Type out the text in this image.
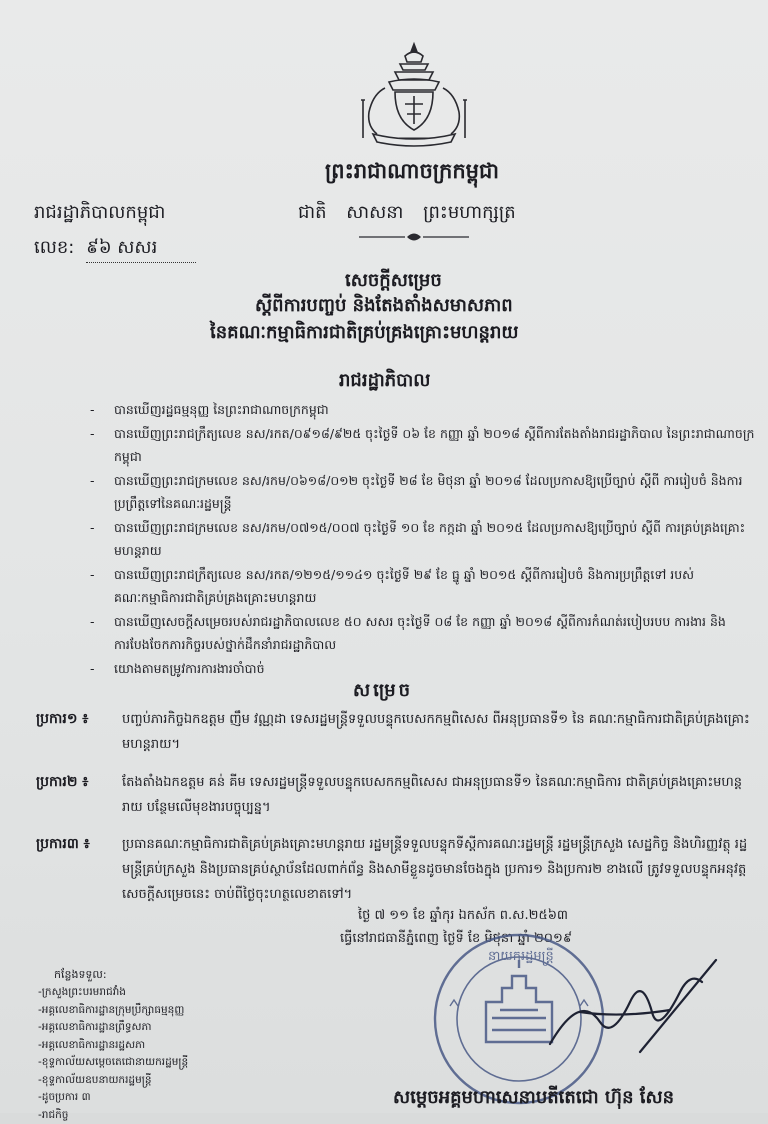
ព្រះរាជាណាចក្រកម្ពុជា
រាជរដ្ឋាភិបាលកម្ពុជា	ជាតិ សាសនា ព្រះមហាក្សត្រ
លេខ: ៩៦ សសរ
សេចក្ដីសម្រេច
ស្ដីពីការបញ្ចប់ និងតែងតាំងសមាសភាព
នៃគណៈកម្មាធិការជាតិគ្រប់គ្រងគ្រោះមហន្តរាយ
រាជរដ្ឋាភិបាល
- បានឃើញរដ្ឋធម្មនុញ្ញ នៃព្រះរាជាណាចក្រកម្ពុជា
- បានឃើញព្រះរាជក្រឹត្យលេខ នស/រកត/០៩១៨/៩២៥ ចុះថ្ងៃទី ០៦ ខែ កញ្ញា ឆ្នាំ ២០១៨ ស្ដីពីការតែងតាំងរាជរដ្ឋាភិបាល នៃព្រះរាជាណាចក្រកម្ពុជា
- បានឃើញព្រះរាជក្រមលេខ នស/រកម/០៦១៨/០១២ ចុះថ្ងៃទី ២៨ ខែ មិថុនា ឆ្នាំ ២០១៨ ដែលប្រកាសឱ្យប្រើច្បាប់ ស្ដីពី ការរៀបចំ និងការប្រព្រឹត្តទៅនៃគណៈរដ្ឋមន្ត្រី
- បានឃើញព្រះរាជក្រមលេខ នស/រកម/០៧១៥/០០៧ ចុះថ្ងៃទី ១០ ខែ កក្កដា ឆ្នាំ ២០១៥ ដែលប្រកាសឱ្យប្រើច្បាប់ ស្ដីពី ការគ្រប់គ្រងគ្រោះមហន្តរាយ
- បានឃើញព្រះរាជក្រឹត្យលេខ នស/រកត/១២១៥/១១៤១ ចុះថ្ងៃទី ២៩ ខែ ធ្នូ ឆ្នាំ ២០១៥ ស្ដីពីការរៀបចំ និងការប្រព្រឹត្តទៅ របស់គណៈកម្មាធិការជាតិគ្រប់គ្រងគ្រោះមហន្តរាយ
- បានឃើញសេចក្ដីសម្រេចរបស់រាជរដ្ឋាភិបាលលេខ ៥០ សសរ ចុះថ្ងៃទី ០៨ ខែ កញ្ញា ឆ្នាំ ២០១៨ ស្ដីពីការកំណត់របៀបរបប ការងារ និងការបែងចែកភារកិច្ចរបស់ថ្នាក់ដឹកនាំរាជរដ្ឋាភិបាល
- យោងតាមតម្រូវការការងារចាំបាច់
សម្រេច
ប្រការ១ ៖	បញ្ចប់ភារកិច្ចឯកឧត្តម ញឹម វណ្ណដា ទេសរដ្ឋមន្ត្រីទទួលបន្ទុកបេសកកម្មពិសេស ពីអនុប្រធានទី១ នៃ គណៈកម្មាធិការជាតិគ្រប់គ្រងគ្រោះមហន្តរាយ។
ប្រការ២ ៖	តែងតាំងឯកឧត្តម គន់ គីម ទេសរដ្ឋមន្ត្រីទទួលបន្ទុកបេសកកម្មពិសេស ជាអនុប្រធានទី១ នៃគណៈកម្មាធិការ ជាតិគ្រប់គ្រងគ្រោះមហន្តរាយ បន្ថែមលើមុខងារបច្ចុប្បន្ន។
ប្រការ៣ ៖ ប្រធានគណៈកម្មាធិការជាតិគ្រប់គ្រងគ្រោះមហន្តរាយ រដ្ឋមន្ត្រីទទួលបន្ទុកទីស្ដីការគណៈរដ្ឋមន្ត្រី រដ្ឋមន្ត្រីក្រសួង សេដ្ឋកិច្ច និងហិរញ្ញវត្ថុ រដ្ឋមន្ត្រីគ្រប់ក្រសួង និងប្រធានគ្រប់ស្ថាប័នដែលពាក់ព័ន្ធ និងសាមីខ្លួនដូចមានចែងក្នុង ប្រការ១ និងប្រការ២ ខាងលើ ត្រូវទទួលបន្ទុកអនុវត្តសេចក្ដីសម្រេចនេះ ចាប់ពីថ្ងៃចុះហត្ថលេខាតទៅ។
ថ្ងៃ ៧ ១១ ខែ ឆ្នាំកុរ ឯកស័ក ព.ស.២៥៦៣
ធ្វើនៅរាជធានីភ្នំពេញ ថ្ងៃទី ខែ មិថុនា ឆ្នាំ ២០១៩
កន្លែងទទួល:
-ក្រសួងព្រះបរមរាជវាំង
-អគ្គលេខាធិការដ្ឋានក្រុមប្រឹក្សាធម្មនុញ្ញ
-អគ្គលេខាធិការដ្ឋានព្រឹទ្ធសភា
-អគ្គលេខាធិការដ្ឋានរដ្ឋសភា
-ខុទ្ទកាល័យសម្ដេចតេជោនាយករដ្ឋមន្ត្រី
-ខុទ្ទកាល័យឧបនាយករដ្ឋមន្ត្រី
-ដូចប្រការ ៣
-រាជកិច្ច
នាយករដ្ឋមន្ត្រី
សម្ដេចអគ្គមហាសេនាបតីតេជោ ហ៊ុន សែន
